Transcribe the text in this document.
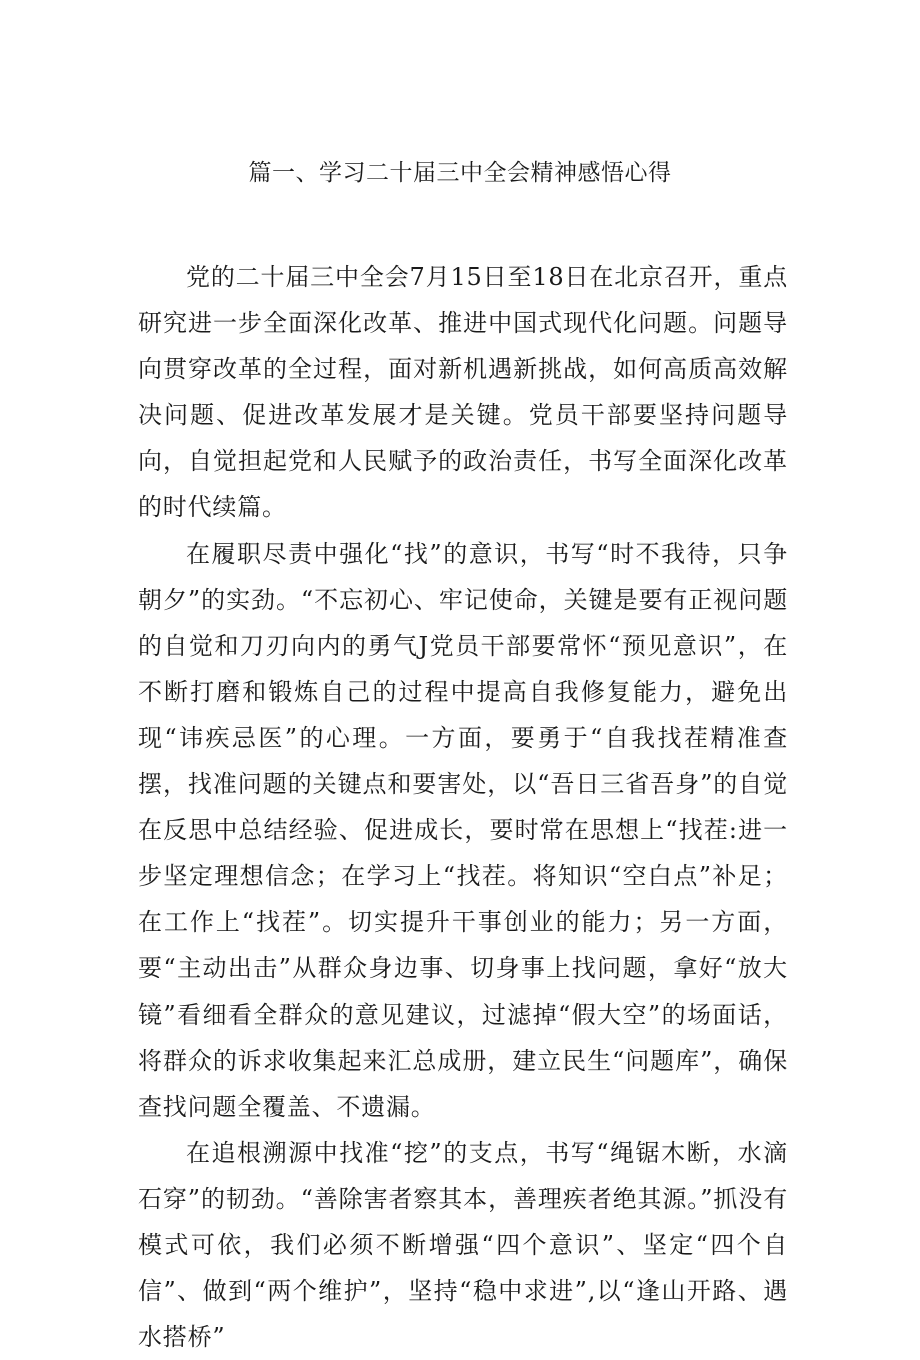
篇一、学习二十届三中全会精神感悟心得

党的二十届三中全会7月15日至18日在北京召开，重点研究进一步全面深化改革、推进中国式现代化问题。问题导向贯穿改革的全过程，面对新机遇新挑战，如何高质高效解决问题、促进改革发展才是关键。党员干部要坚持问题导向，自觉担起党和人民赋予的政治责任，书写全面深化改革的时代续篇。

在履职尽责中强化“找”的意识，书写“时不我待，只争朝夕”的实劲。“不忘初心、牢记使命，关键是要有正视问题的自觉和刀刃向内的勇气J党员干部要常怀“预见意识”，在不断打磨和锻炼自己的过程中提高自我修复能力，避免出现“讳疾忌医”的心理。一方面，要勇于“自我找茬精准查摆，找准问题的关键点和要害处，以“吾日三省吾身”的自觉在反思中总结经验、促进成长，要时常在思想上“找茬:进一步坚定理想信念；在学习上“找茬。将知识“空白点”补足；在工作上“找茬”。切实提升干事创业的能力；另一方面，要“主动出击”从群众身边事、切身事上找问题，拿好“放大镜”看细看全群众的意见建议，过滤掉“假大空”的场面话，将群众的诉求收集起来汇总成册，建立民生“问题库”，确保查找问题全覆盖、不遗漏。

在追根溯源中找准“挖”的支点，书写“绳锯木断，水滴石穿”的韧劲。“善除害者察其本，善理疾者绝其源。”抓没有模式可依，我们必须不断增强“四个意识”、坚定“四个自信”、做到“两个维护”，坚持“稳中求进”,以“逢山开路、遇水搭桥”
